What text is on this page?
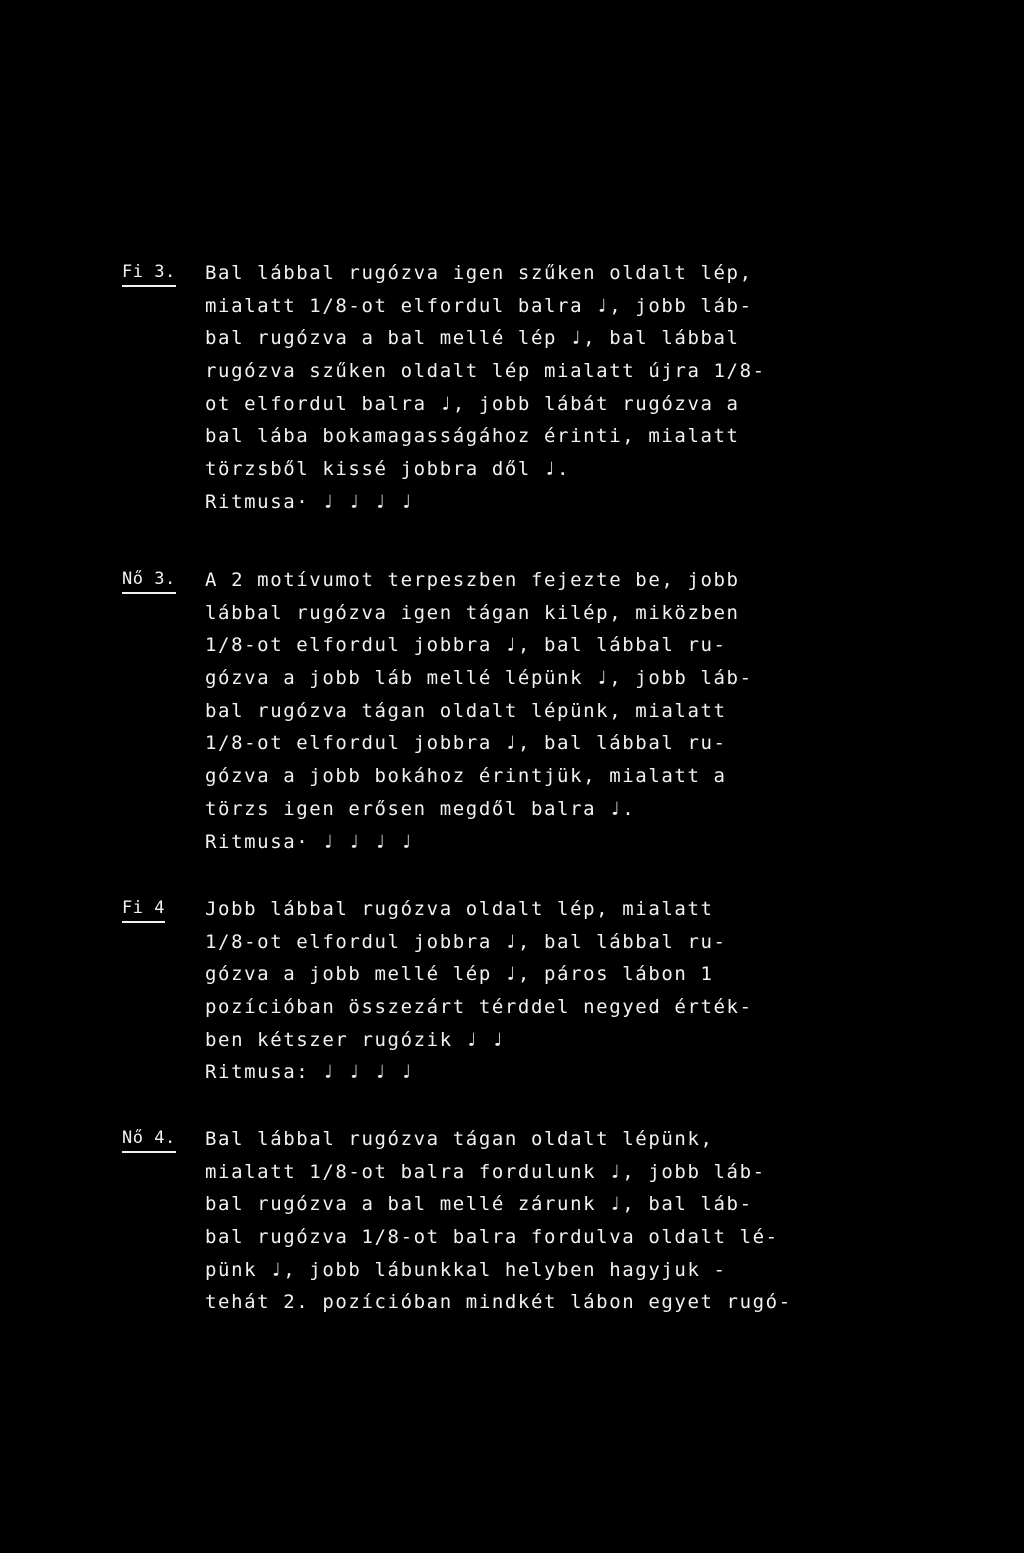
Fi 3. Bal lábbal rugózva igen szűken oldalt lép,
mialatt 1/8-ot elfordul balra ♩, jobb láb-
bal rugózva a bal mellé lép ♩, bal lábbal
rugózva szűken oldalt lép mialatt újra 1/8-
ot elfordul balra ♩, jobb lábát rugózva a
bal lába bokamagasságához érinti, mialatt
törzsből kissé jobbra dől ♩.
Ritmusa· ♩ ♩ ♩ ♩
Nő 3. A 2 motívumot terpeszben fejezte be, jobb
lábbal rugózva igen tágan kilép, miközben
1/8-ot elfordul jobbra ♩, bal lábbal ru-
gózva a jobb láb mellé lépünk ♩, jobb láb-
bal rugózva tágan oldalt lépünk, mialatt
1/8-ot elfordul jobbra ♩, bal lábbal ru-
gózva a jobb bokához érintjük, mialatt a
törzs igen erősen megdől balra ♩.
Ritmusa· ♩ ♩ ♩ ♩
Fi 4 Jobb lábbal rugózva oldalt lép, mialatt
1/8-ot elfordul jobbra ♩, bal lábbal ru-
gózva a jobb mellé lép ♩, páros lábon 1
pozícióban összezárt térddel negyed érték-
ben kétszer rugózik ♩ ♩
Ritmusa: ♩ ♩ ♩ ♩
Nő 4. Bal lábbal rugózva tágan oldalt lépünk,
mialatt 1/8-ot balra fordulunk ♩, jobb láb-
bal rugózva a bal mellé zárunk ♩, bal láb-
bal rugózva 1/8-ot balra fordulva oldalt lé-
pünk ♩, jobb lábunkkal helyben hagyjuk -
tehát 2. pozícióban mindkét lábon egyet rugó-
